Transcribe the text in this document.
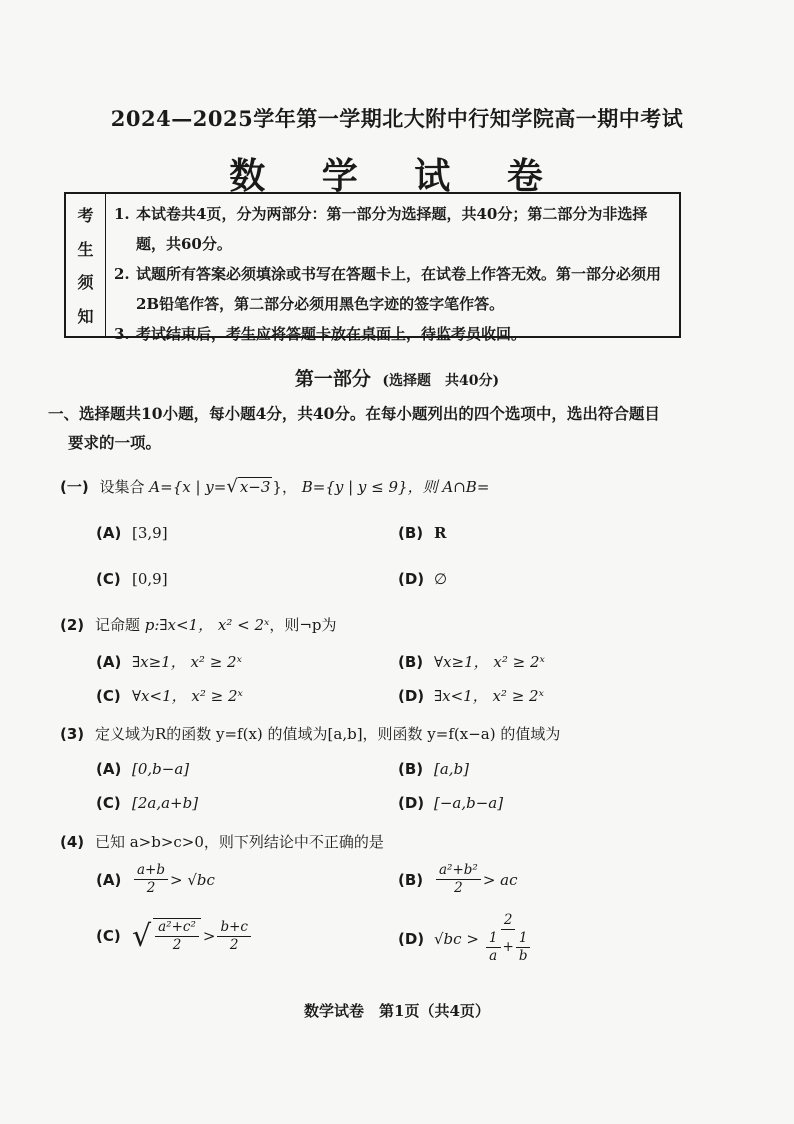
2024—2025学年第一学期北大附中行知学院高一期中考试
数 学 试 卷
考
生
须
知
1. 本试卷共4页，分为两部分：第一部分为选择题，共40分；第二部分为非选择题，共60分。
2. 试题所有答案必须填涂或书写在答题卡上，在试卷上作答无效。第一部分必须用2B铅笔作答，第二部分必须用黑色字迹的签字笔作答。
3. 考试结束后，考生应将答题卡放在桌面上，待监考员收回。
第一部分 (选择题　共40分)
一、选择题共10小题，每小题4分，共40分。在每小题列出的四个选项中，选出符合题目
要求的一项。
(一) 设集合 A={x | y=√ x−3 }， B={y | y ≤ 9}，则 A∩B=
(A) [3,9]	(B) R
(C) [0,9]	(D) ∅
(2) 记命题 p:∃x<1， x² < 2ˣ，则¬p为
(A) ∃x≥1， x² ≥ 2ˣ	(B) ∀x≥1， x² ≥ 2ˣ
(C) ∀x<1， x² ≥ 2ˣ	(D) ∃x<1， x² ≥ 2ˣ
(3) 定义域为R的函数 y=f(x) 的值域为[a,b]，则函数 y=f(x−a) 的值域为
(A) [0,b−a]	(B) [a,b]
(C) [2a,a+b]	(D) [−a,b−a]
(4) 已知 a>b>c>0，则下列结论中不正确的是
$(A) \frac{a+b}{2} > √bc$	$(B) \frac{\text{a²+b²}}{2}$ > ac
(C) √ $\frac{\text{a²+c²}}{2} > \frac{b+c}{2}$	(D) $√bc > \frac{2}{\frac{1}{a} + \frac{1}{b}}$
数学试卷　第1页（共4页）
